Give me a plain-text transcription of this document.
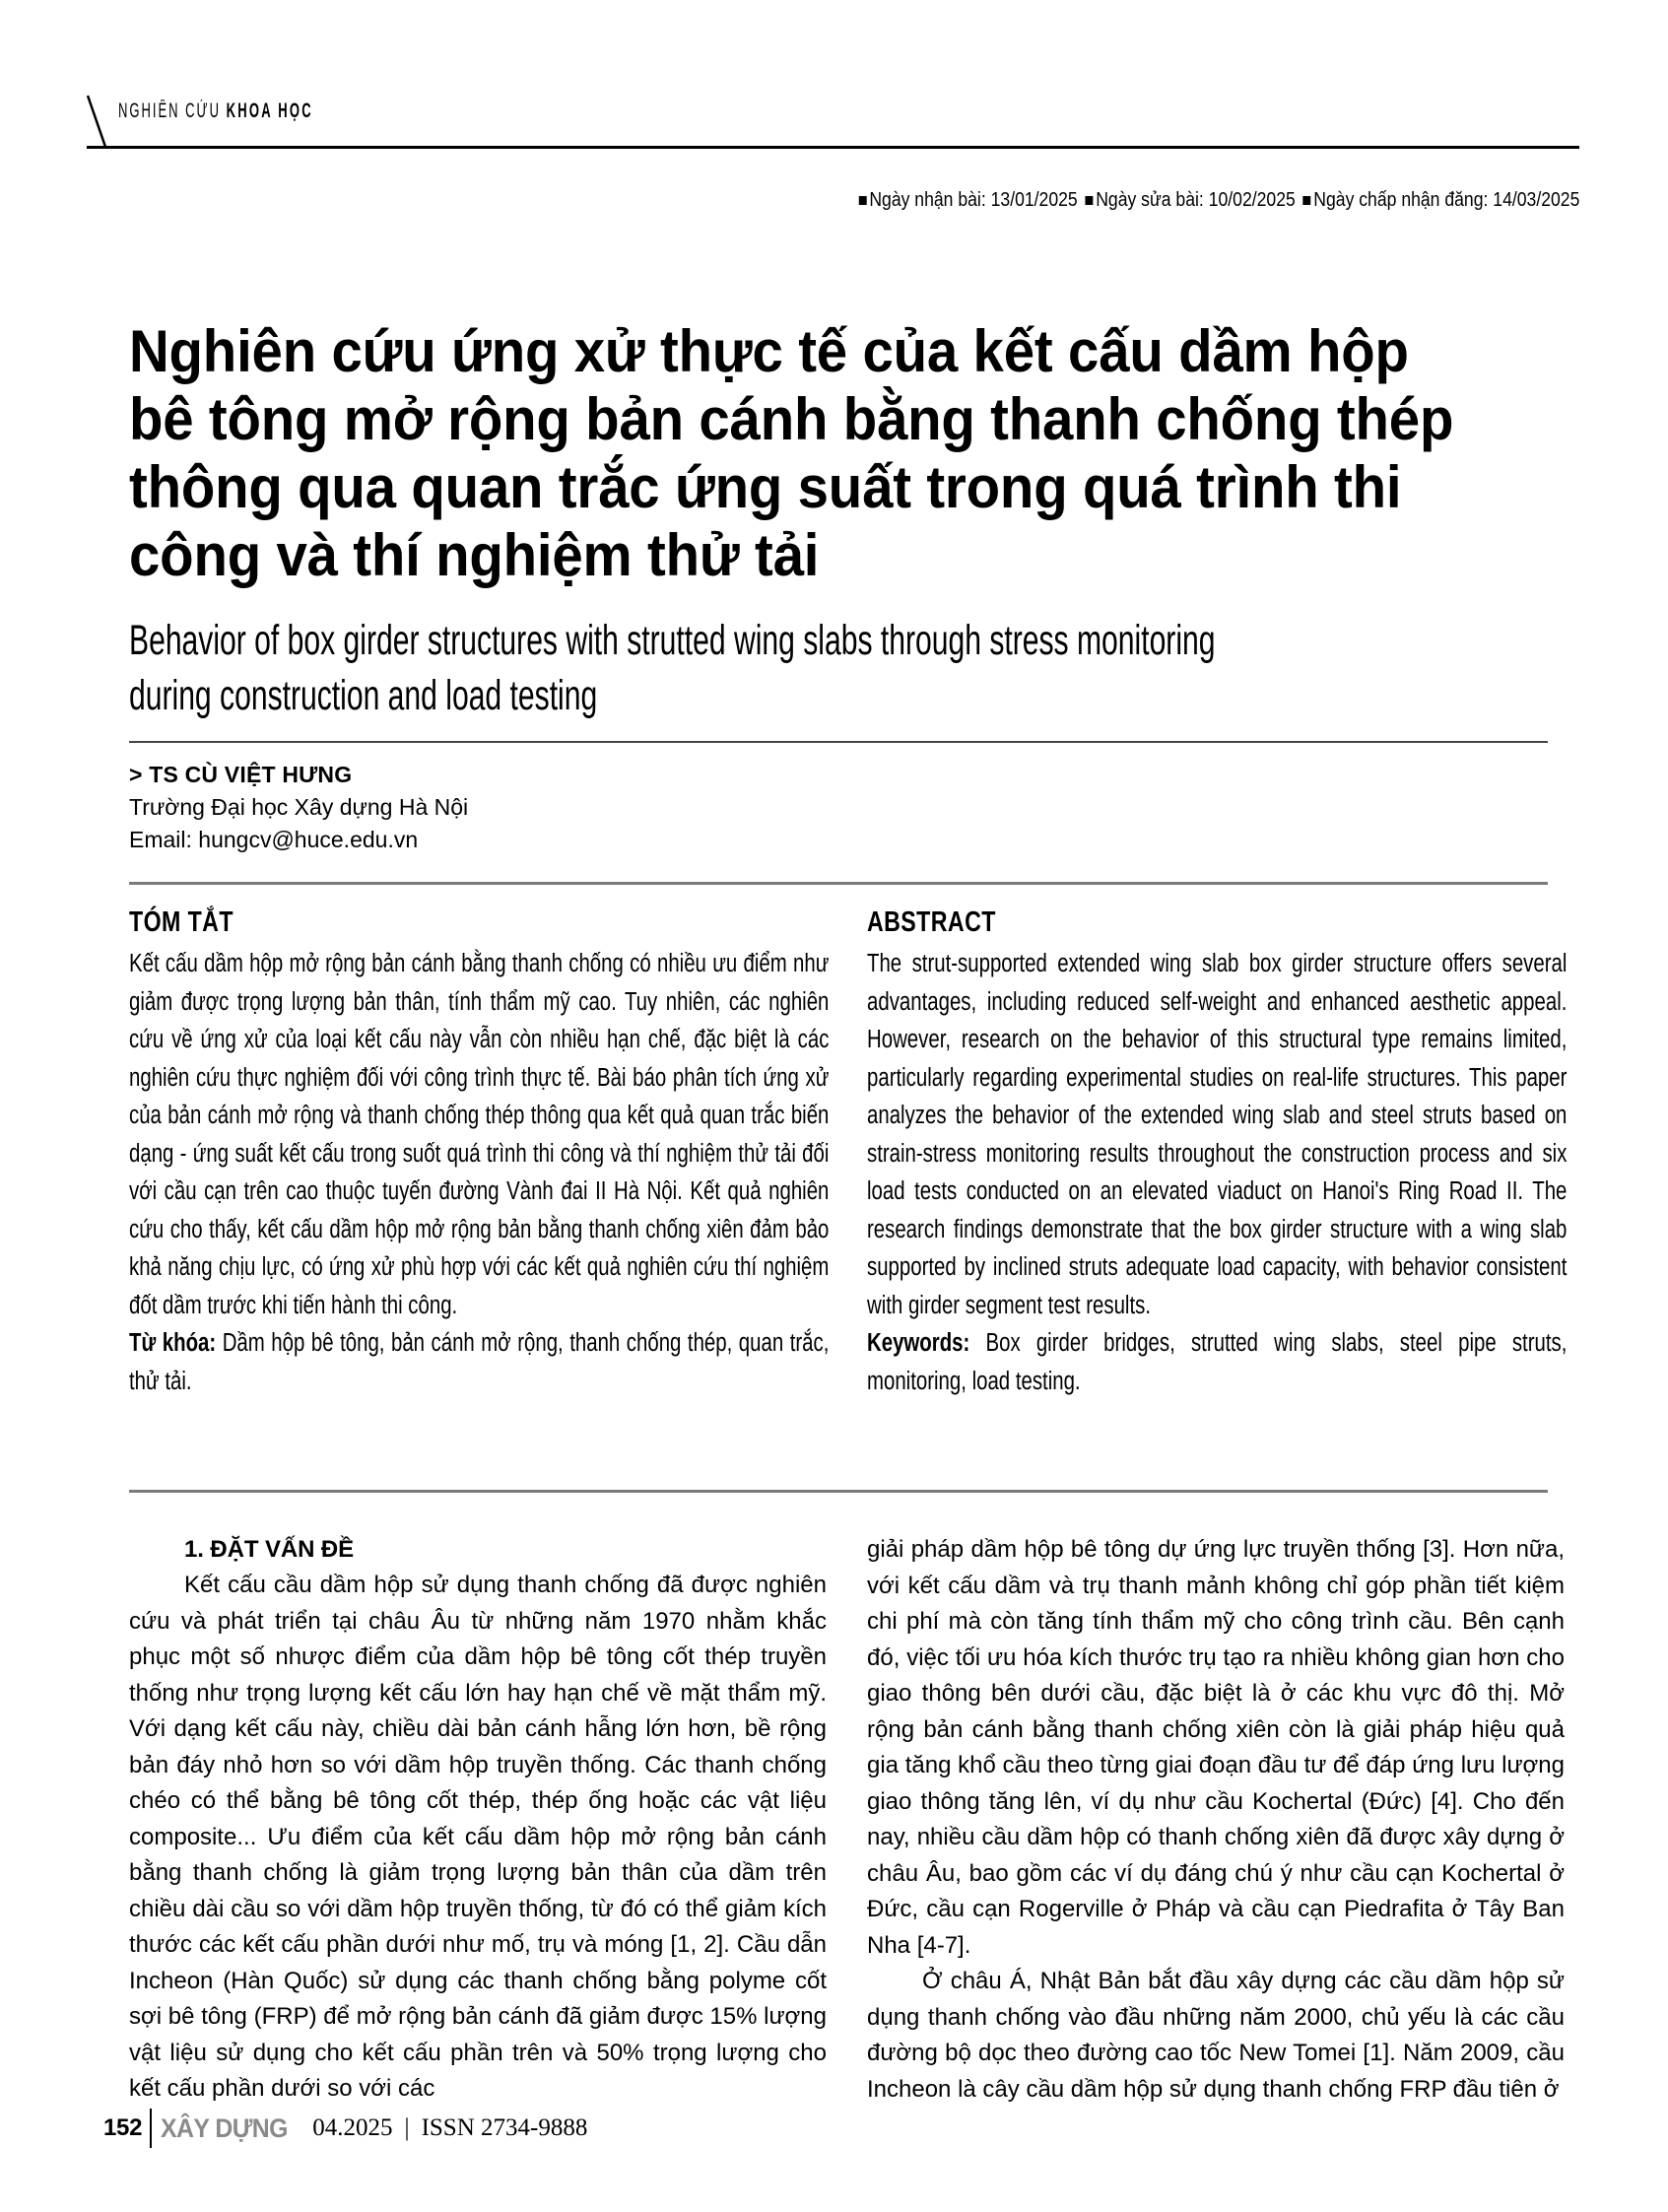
NGHIÊN CỨU KHOA HỌC
Ngày nhận bài: 13/01/2025 Ngày sửa bài: 10/02/2025 Ngày chấp nhận đăng: 14/03/2025
Nghiên cứu ứng xử thực tế của kết cấu dầm hộp bê tông mở rộng bản cánh bằng thanh chống thép thông qua quan trắc ứng suất trong quá trình thi công và thí nghiệm thử tải
Behavior of box girder structures with strutted wing slabs through stress monitoring
during construction and load testing
> TS CÙ VIỆT HƯNG
Trường Đại học Xây dựng Hà Nội
Email: hungcv@huce.edu.vn
TÓM TẮT

Kết cấu dầm hộp mở rộng bản cánh bằng thanh chống có nhiều ưu điểm như giảm được trọng lượng bản thân, tính thẩm mỹ cao. Tuy nhiên, các nghiên cứu về ứng xử của loại kết cấu này vẫn còn nhiều hạn chế, đặc biệt là các nghiên cứu thực nghiệm đối với công trình thực tế. Bài báo phân tích ứng xử của bản cánh mở rộng và thanh chống thép thông qua kết quả quan trắc biến dạng - ứng suất kết cấu trong suốt quá trình thi công và thí nghiệm thử tải đối với cầu cạn trên cao thuộc tuyến đường Vành đai II Hà Nội. Kết quả nghiên cứu cho thấy, kết cấu dầm hộp mở rộng bản bằng thanh chống xiên đảm bảo khả năng chịu lực, có ứng xử phù hợp với các kết quả nghiên cứu thí nghiệm đốt dầm trước khi tiến hành thi công.

Từ khóa: Dầm hộp bê tông, bản cánh mở rộng, thanh chống thép, quan trắc, thử tải.

ABSTRACT

The strut-supported extended wing slab box girder structure offers several advantages, including reduced self-weight and enhanced aesthetic appeal. However, research on the behavior of this structural type remains limited, particularly regarding experimental studies on real-life structures. This paper analyzes the behavior of the extended wing slab and steel struts based on strain-stress monitoring results throughout the construction process and six load tests conducted on an elevated viaduct on Hanoi's Ring Road II. The research findings demonstrate that the box girder structure with a wing slab supported by inclined struts adequate load capacity, with behavior consistent with girder segment test results.

Keywords: Box girder bridges, strutted wing slabs, steel pipe struts, monitoring, load testing.

1. ĐẶT VẤN ĐỀ

Kết cấu cầu dầm hộp sử dụng thanh chống đã được nghiên cứu và phát triển tại châu Âu từ những năm 1970 nhằm khắc phục một số nhược điểm của dầm hộp bê tông cốt thép truyền thống như trọng lượng kết cấu lớn hay hạn chế về mặt thẩm mỹ. Với dạng kết cấu này, chiều dài bản cánh hẫng lớn hơn, bề rộng bản đáy nhỏ hơn so với dầm hộp truyền thống. Các thanh chống chéo có thể bằng bê tông cốt thép, thép ống hoặc các vật liệu composite... Ưu điểm của kết cấu dầm hộp mở rộng bản cánh bằng thanh chống là giảm trọng lượng bản thân của dầm trên chiều dài cầu so với dầm hộp truyền thống, từ đó có thể giảm kích thước các kết cấu phần dưới như mố, trụ và móng [1, 2]. Cầu dẫn Incheon (Hàn Quốc) sử dụng các thanh chống bằng polyme cốt sợi bê tông (FRP) để mở rộng bản cánh đã giảm được 15% lượng vật liệu sử dụng cho kết cấu phần trên và 50% trọng lượng cho kết cấu phần dưới so với các

giải pháp dầm hộp bê tông dự ứng lực truyền thống [3]. Hơn nữa, với kết cấu dầm và trụ thanh mảnh không chỉ góp phần tiết kiệm chi phí mà còn tăng tính thẩm mỹ cho công trình cầu. Bên cạnh đó, việc tối ưu hóa kích thước trụ tạo ra nhiều không gian hơn cho giao thông bên dưới cầu, đặc biệt là ở các khu vực đô thị. Mở rộng bản cánh bằng thanh chống xiên còn là giải pháp hiệu quả gia tăng khổ cầu theo từng giai đoạn đầu tư để đáp ứng lưu lượng giao thông tăng lên, ví dụ như cầu Kochertal (Đức) [4]. Cho đến nay, nhiều cầu dầm hộp có thanh chống xiên đã được xây dựng ở châu Âu, bao gồm các ví dụ đáng chú ý như cầu cạn Kochertal ở Đức, cầu cạn Rogerville ở Pháp và cầu cạn Piedrafita ở Tây Ban Nha [4-7].

Ở châu Á, Nhật Bản bắt đầu xây dựng các cầu dầm hộp sử dụng thanh chống vào đầu những năm 2000, chủ yếu là các cầu đường bộ dọc theo đường cao tốc New Tomei [1]. Năm 2009, cầu Incheon là cây cầu dầm hộp sử dụng thanh chống FRP đầu tiên ở

152 XÂY DỰNG 04.2025 | ISSN 2734-9888
